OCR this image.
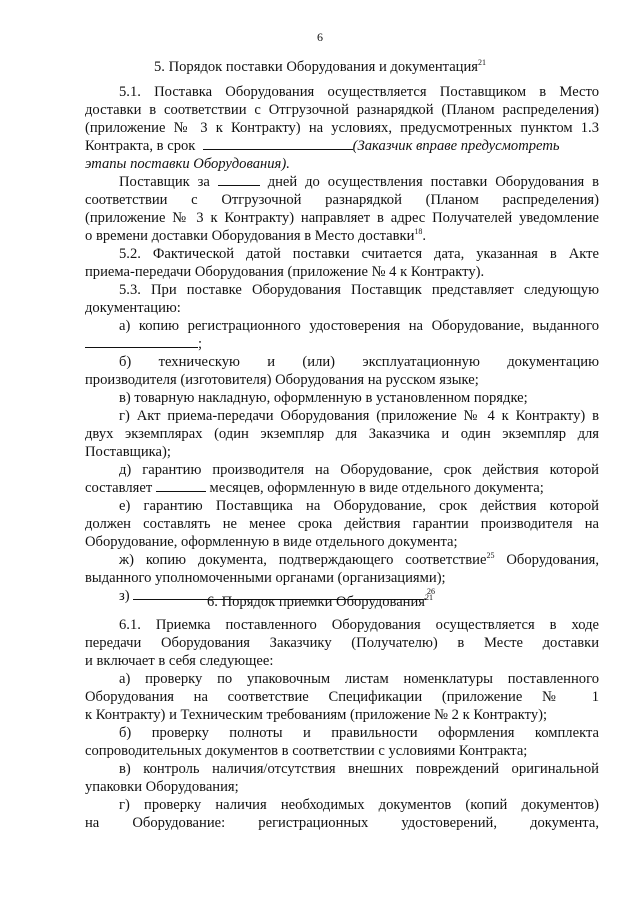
6
5. Порядок поставки Оборудования и документация$^{21}$
5.1. Поставка Оборудования осуществляется Поставщиком в Место
доставки в соответствии с Отгрузочной разнарядкой (Планом распределения)
(приложение № 3 к Контракту) на условиях, предусмотренных пунктом 1.3
Контракта, в срок	(Заказчик вправе предусмотреть
этапы поставки Оборудования).
Поставщик за	дней до осуществления поставки Оборудования в
соответствии с Отгрузочной разнарядкой (Планом распределения)
(приложение № 3 к Контракту) направляет в адрес Получателей уведомление
о времени доставки Оборудования в Место доставки$^{18}$.
5.2. Фактической датой поставки считается дата, указанная в Акте
приема-передачи Оборудования (приложение № 4 к Контракту).
5.3. При поставке Оборудования Поставщик представляет следующую
документацию:
а) копию регистрационного удостоверения на Оборудование, выданного
;
б) техническую и (или) эксплуатационную документацию
производителя (изготовителя) Оборудования на русском языке;
в) товарную накладную, оформленную в установленном порядке;
г) Акт приема-передачи Оборудования (приложение № 4 к Контракту) в
двух экземплярах (один экземпляр для Заказчика и один экземпляр для
Поставщика);
д) гарантию производителя на Оборудование, срок действия которой
составляет	месяцев, оформленную в виде отдельного документа;
е) гарантию Поставщика на Оборудование, срок действия которой
должен составлять не менее срока действия гарантии производителя на
Оборудование, оформленную в виде отдельного документа;
ж) копию документа, подтверждающего соответствие$^{25}$ Оборудования,
выданного уполномоченными органами (организациями);
з)	.$^{26}$
6. Порядок приемки Оборудования$^{21}$
6.1. Приемка поставленного Оборудования осуществляется в ходе
передачи Оборудования Заказчику (Получателю) в Месте доставки
и включает в себя следующее:
а) проверку по упаковочным листам номенклатуры поставленного
Оборудования на соответствие Спецификации (приложение № 1
к Контракту) и Техническим требованиям (приложение № 2 к Контракту);
б) проверку полноты и правильности оформления комплекта
сопроводительных документов в соответствии с условиями Контракта;
в) контроль наличия/отсутствия внешних повреждений оригинальной
упаковки Оборудования;
г) проверку наличия необходимых документов (копий документов)
на Оборудование: регистрационных удостоверений, документа,
